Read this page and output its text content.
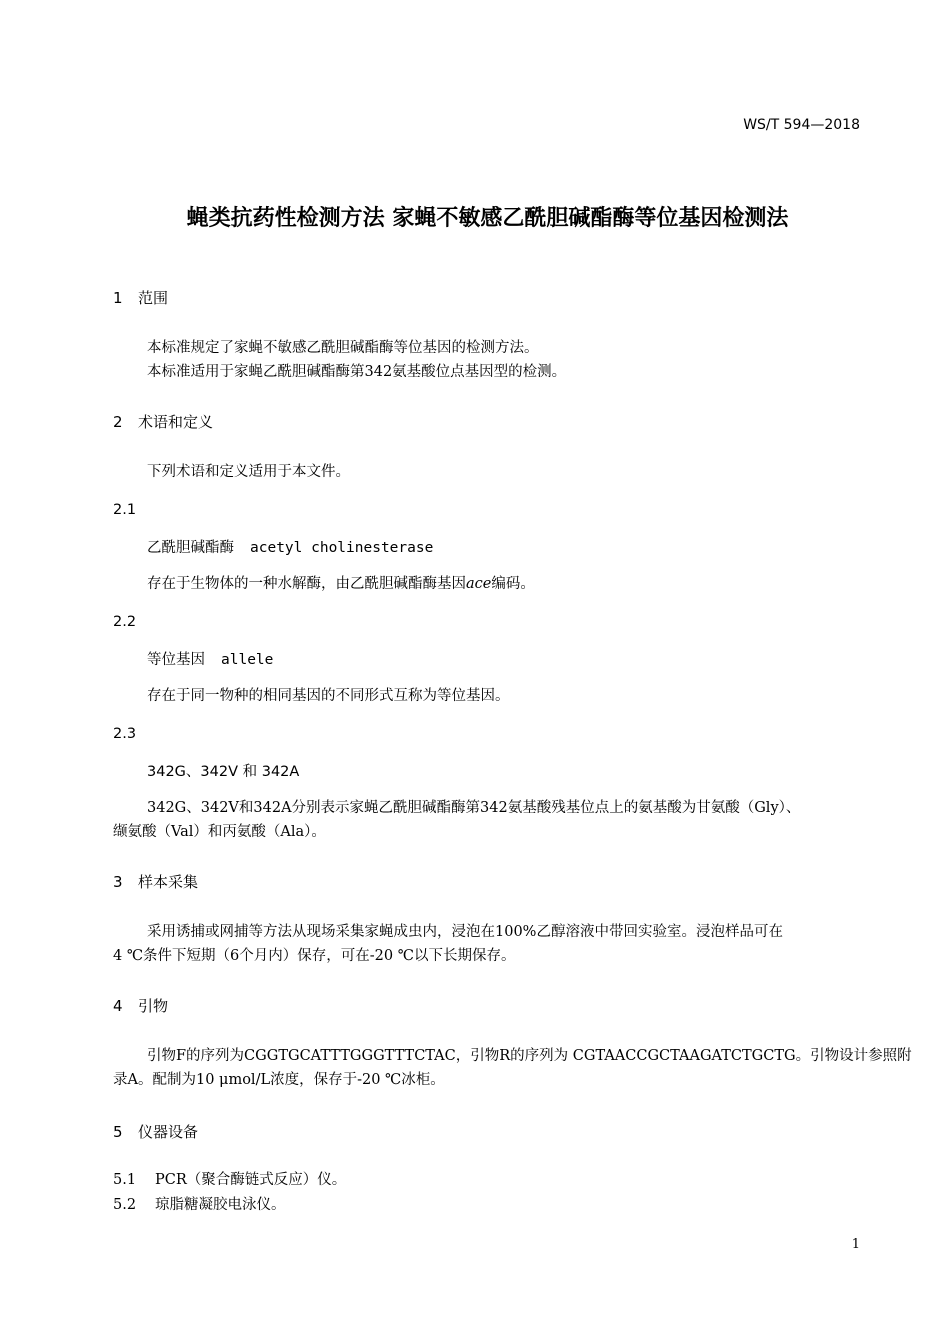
WS/T 594—2018
蝇类抗药性检测方法 家蝇不敏感乙酰胆碱酯酶等位基因检测法
1 范围
本标准规定了家蝇不敏感乙酰胆碱酯酶等位基因的检测方法。
本标准适用于家蝇乙酰胆碱酯酶第342氨基酸位点基因型的检测。
2 术语和定义
下列术语和定义适用于本文件。
2.1
乙酰胆碱酯酶 acetyl cholinesterase
存在于生物体的一种水解酶，由乙酰胆碱酯酶基因ace编码。
2.2
等位基因 allele
存在于同一物种的相同基因的不同形式互称为等位基因。
2.3
342G、342V 和 342A
342G、342V和342A分别表示家蝇乙酰胆碱酯酶第342氨基酸残基位点上的氨基酸为甘氨酸（Gly）、
缬氨酸（Val）和丙氨酸（Ala）。
3 样本采集
采用诱捕或网捕等方法从现场采集家蝇成虫内，浸泡在100%乙醇溶液中带回实验室。浸泡样品可在
4 ℃条件下短期（6个月内）保存，可在-20 ℃以下长期保存。
4 引物
引物F的序列为CGGTGCATTTGGGTTTCTAC，引物R的序列为 CGTAACCGCTAAGATCTGCTG。引物设计参照附
录A。配制为10 μmol/L浓度，保存于-20 ℃冰柜。
5 仪器设备
5.1 PCR（聚合酶链式反应）仪。
5.2 琼脂糖凝胶电泳仪。
1
